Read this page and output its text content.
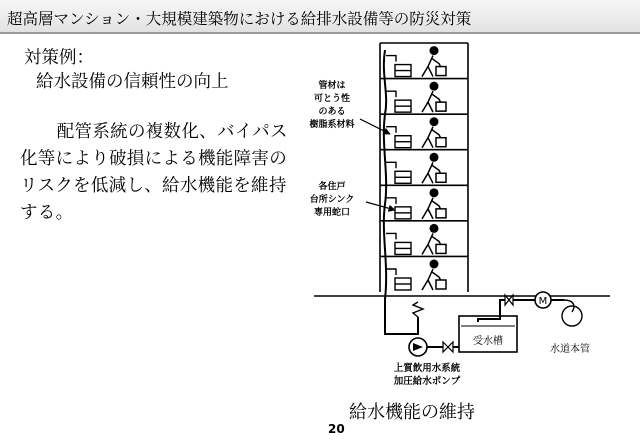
超高層マンション・大規模建築物における給排水設備等の防災対策
対策例：
給水設備の信頼性の向上
配管系統の複数化、バイパス化等により破損による機能障害のリスクを低減し、給水機能を維持する。
管材は
可とう性
のある
樹脂系材料
各住戸
台所シンク
専用蛇口
受水槽
M
水道本管
上質飲用水系統
加圧給水ポンプ
給水機能の維持
20
